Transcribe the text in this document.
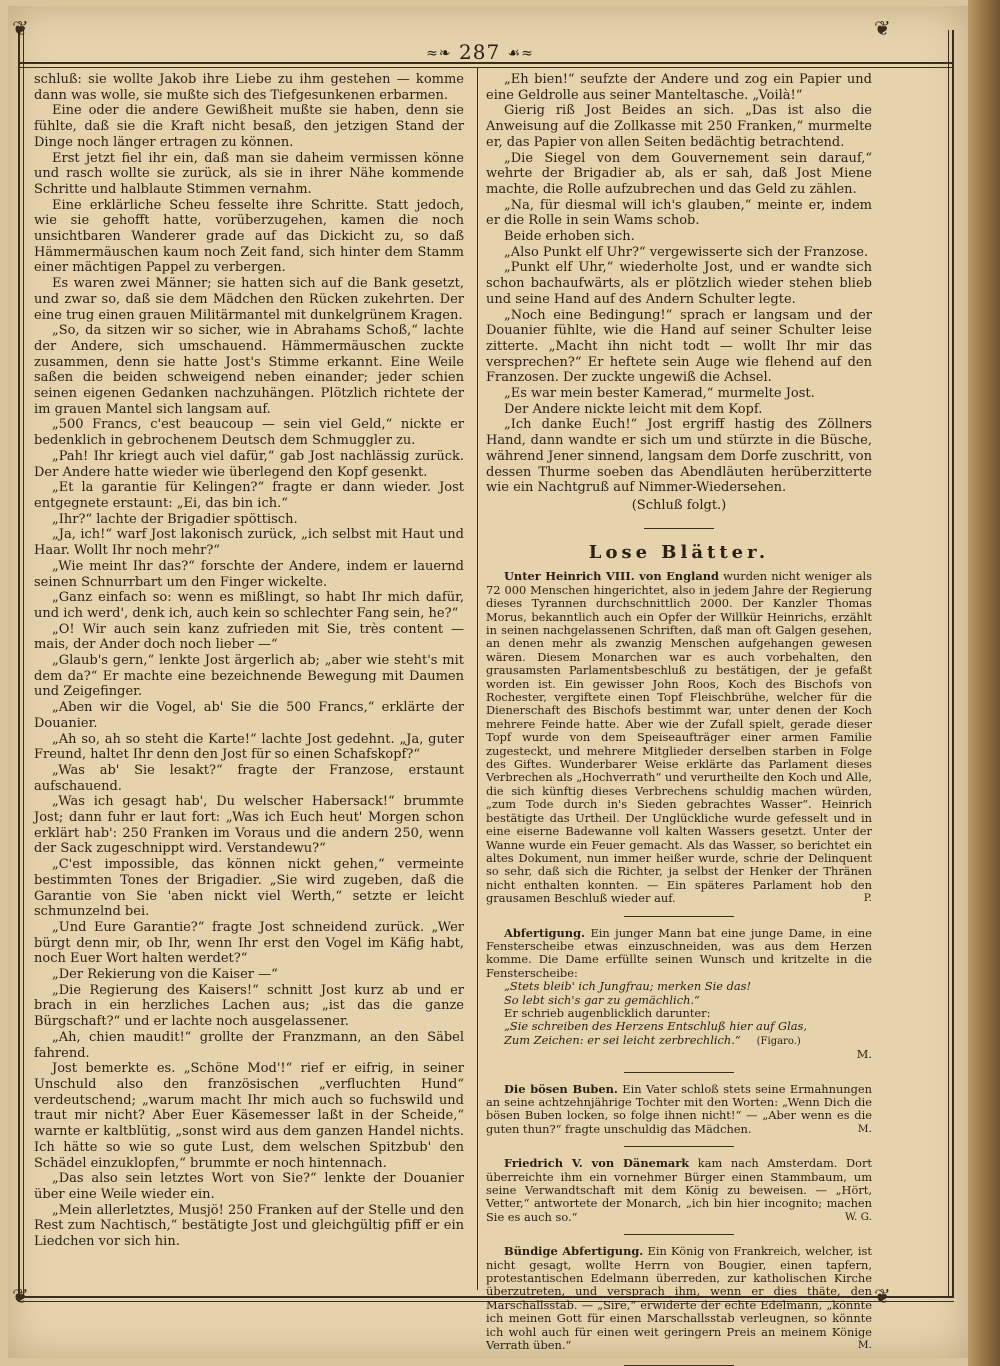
❦	❦
❦	❦
≈❧ 287 ☙≈

schluß: sie wollte Jakob ihre Liebe zu ihm gestehen — komme dann was wolle, sie mußte sich des Tiefgesunkenen erbarmen.

Eine oder die andere Gewißheit mußte sie haben, denn sie fühlte, daß sie die Kraft nicht besaß, den jetzigen Stand der Dinge noch länger ertragen zu können.

Erst jetzt fiel ihr ein, daß man sie daheim vermissen könne und rasch wollte sie zurück, als sie in ihrer Nähe kommende Schritte und halblaute Stimmen vernahm.

Eine erklärliche Scheu fesselte ihre Schritte. Statt jedoch, wie sie gehofft hatte, vorüberzugehen, kamen die noch unsichtbaren Wanderer grade auf das Dickicht zu, so daß Hämmermäuschen kaum noch Zeit fand, sich hinter dem Stamm einer mächtigen Pappel zu verbergen.

Es waren zwei Männer; sie hatten sich auf die Bank gesetzt, und zwar so, daß sie dem Mädchen den Rücken zukehrten. Der eine trug einen grauen Militärmantel mit dunkelgrünem Kragen.

„So, da sitzen wir so sicher, wie in Abrahams Schoß,“ lachte der Andere, sich umschauend. Hämmermäuschen zuckte zusammen, denn sie hatte Jost's Stimme erkannt. Eine Weile saßen die beiden schweigend neben einander; jeder schien seinen eigenen Gedanken nachzuhängen. Plötzlich richtete der im grauen Mantel sich langsam auf.

„500 Francs, c'est beaucoup — sein viel Geld,“ nickte er bedenklich in gebrochenem Deutsch dem Schmuggler zu.

„Pah! Ihr kriegt auch viel dafür,“ gab Jost nachlässig zurück. Der Andere hatte wieder wie überlegend den Kopf gesenkt.

„Et la garantie für Kelingen?“ fragte er dann wieder. Jost entgegnete erstaunt: „Ei, das bin ich.“

„Ihr?“ lachte der Brigadier spöttisch.

„Ja, ich!“ warf Jost lakonisch zurück, „ich selbst mit Haut und Haar. Wollt Ihr noch mehr?“

„Wie meint Ihr das?“ forschte der Andere, indem er lauernd seinen Schnurrbart um den Finger wickelte.

„Ganz einfach so: wenn es mißlingt, so habt Ihr mich dafür, und ich werd', denk ich, auch kein so schlechter Fang sein, he?“

„O! Wir auch sein kanz zufrieden mit Sie, très content — mais, der Ander doch noch lieber —“

„Glaub's gern,“ lenkte Jost ärgerlich ab; „aber wie steht's mit dem da?“ Er machte eine bezeichnende Bewegung mit Daumen und Zeigefinger.

„Aben wir die Vogel, ab' Sie die 500 Francs,“ erklärte der Douanier.

„Ah so, ah so steht die Karte!“ lachte Jost gedehnt. „Ja, guter Freund, haltet Ihr denn den Jost für so einen Schafskopf?“

„Was ab' Sie lesakt?“ fragte der Franzose, erstaunt aufschauend.

„Was ich gesagt hab', Du welscher Habersack!“ brummte Jost; dann fuhr er laut fort: „Was ich Euch heut' Morgen schon erklärt hab': 250 Franken im Voraus und die andern 250, wenn der Sack zugeschnippt wird. Verstandewu?“

„C'est impossible, das können nickt gehen,“ vermeinte bestimmten Tones der Brigadier. „Sie wird zugeben, daß die Garantie von Sie 'aben nickt viel Werth,“ setzte er leicht schmunzelnd bei.

„Und Eure Garantie?“ fragte Jost schneidend zurück. „Wer bürgt denn mir, ob Ihr, wenn Ihr erst den Vogel im Käfig habt, noch Euer Wort halten werdet?“

„Der Rekierung von die Kaiser —“

„Die Regierung des Kaisers!“ schnitt Jost kurz ab und er brach in ein herzliches Lachen aus; „ist das die ganze Bürgschaft?“ und er lachte noch ausgelassener.

„Ah, chien maudit!“ grollte der Franzmann, an den Säbel fahrend.

Jost bemerkte es. „Schöne Mod'!“ rief er eifrig, in seiner Unschuld also den französischen „verfluchten Hund“ verdeutschend; „warum macht Ihr mich auch so fuchswild und traut mir nicht? Aber Euer Käsemesser laßt in der Scheide,“ warnte er kaltblütig, „sonst wird aus dem ganzen Handel nichts. Ich hätte so wie so gute Lust, dem welschen Spitzbub' den Schädel einzuklopfen,“ brummte er noch hintennach.

„Das also sein letztes Wort von Sie?“ lenkte der Douanier über eine Weile wieder ein.

„Mein allerletztes, Musjö! 250 Franken auf der Stelle und den Rest zum Nachtisch,“ bestätigte Jost und gleichgültig pfiff er ein Liedchen vor sich hin.

„Eh bien!“ seufzte der Andere und zog ein Papier und eine Geldrolle aus seiner Manteltasche. „Voilà!“

Gierig riß Jost Beides an sich. „Das ist also die Anweisung auf die Zollkasse mit 250 Franken,“ murmelte er, das Papier von allen Seiten bedächtig betrachtend.

„Die Siegel von dem Gouvernement sein darauf,“ wehrte der Brigadier ab, als er sah, daß Jost Miene machte, die Rolle aufzubrechen und das Geld zu zählen.

„Na, für diesmal will ich's glauben,“ meinte er, indem er die Rolle in sein Wams schob.

Beide erhoben sich.

„Also Punkt elf Uhr?“ vergewisserte sich der Franzose.

„Punkt elf Uhr,“ wiederholte Jost, und er wandte sich schon bachaufwärts, als er plötzlich wieder stehen blieb und seine Hand auf des Andern Schulter legte.

„Noch eine Bedingung!“ sprach er langsam und der Douanier fühlte, wie die Hand auf seiner Schulter leise zitterte. „Macht ihn nicht todt — wollt Ihr mir das versprechen?“ Er heftete sein Auge wie flehend auf den Franzosen. Der zuckte ungewiß die Achsel.

„Es war mein bester Kamerad,“ murmelte Jost.

Der Andere nickte leicht mit dem Kopf.

„Ich danke Euch!“ Jost ergriff hastig des Zöllners Hand, dann wandte er sich um und stürzte in die Büsche, während Jener sinnend, langsam dem Dorfe zuschritt, von dessen Thurme soeben das Abendläuten herüberzitterte wie ein Nachtgruß auf Nimmer-Wiedersehen.

(Schluß folgt.)

Lose Blätter.

Unter Heinrich VIII. von England wurden nicht weniger als 72 000 Menschen hingerichtet, also in jedem Jahre der Regierung dieses Tyrannen durchschnittlich 2000. Der Kanzler Thomas Morus, bekanntlich auch ein Opfer der Willkür Heinrichs, erzählt in seinen nachgelassenen Schriften, daß man oft Galgen gesehen, an denen mehr als zwanzig Menschen aufgehangen gewesen wären. Diesem Monarchen war es auch vorbehalten, den grausamsten Parlamentsbeschluß zu bestätigen, der je gefaßt worden ist. Ein gewisser John Roos, Koch des Bischofs von Rochester, vergiftete einen Topf Fleischbrühe, welcher für die Dienerschaft des Bischofs bestimmt war, unter denen der Koch mehrere Feinde hatte. Aber wie der Zufall spielt, gerade dieser Topf wurde von dem Speiseaufträger einer armen Familie zugesteckt, und mehrere Mitglieder derselben starben in Folge des Giftes. Wunderbarer Weise erklärte das Parlament dieses Verbrechen als „Hochverrath“ und verurtheilte den Koch und Alle, die sich künftig dieses Verbrechens schuldig machen würden, „zum Tode durch in's Sieden gebrachtes Wasser“. Heinrich bestätigte das Urtheil. Der Unglückliche wurde gefesselt und in eine eiserne Badewanne voll kalten Wassers gesetzt. Unter der Wanne wurde ein Feuer gemacht. Als das Wasser, so berichtet ein altes Dokument, nun immer heißer wurde, schrie der Delinquent so sehr, daß sich die Richter, ja selbst der Henker der Thränen nicht enthalten konnten. — Ein späteres Parlament hob den grausamen Beschluß wieder auf.	P.

Abfertigung. Ein junger Mann bat eine junge Dame, in eine Fensterscheibe etwas einzuschneiden, was aus dem Herzen komme. Die Dame erfüllte seinen Wunsch und kritzelte in die Fensterscheibe:

„Stets bleib' ich Jungfrau; merken Sie das!

So lebt sich's gar zu gemächlich.“

Er schrieb augenblicklich darunter:

„Sie schreiben des Herzens Entschluß hier auf Glas,

Zum Zeichen: er sei leicht zerbrechlich.“ (Figaro.)

M.

Die bösen Buben. Ein Vater schloß stets seine Ermahnungen an seine achtzehnjährige Tochter mit den Worten: „Wenn Dich die bösen Buben locken, so folge ihnen nicht!“ — „Aber wenn es die guten thun?“ fragte unschuldig das Mädchen.	M.

Friedrich V. von Dänemark kam nach Amsterdam. Dort überreichte ihm ein vornehmer Bürger einen Stammbaum, um seine Verwandtschaft mit dem König zu beweisen. — „Hört, Vetter,“ antwortete der Monarch, „ich bin hier incognito; machen Sie es auch so.“	W. G.

Bündige Abfertigung. Ein König von Frankreich, welcher, ist nicht gesagt, wollte Herrn von Bougier, einen tapfern, protestantischen Edelmann überreden, zur katholischen Kirche überzutreten, und versprach ihm, wenn er dies thäte, den Marschallsstab. — „Sire,“ erwiderte der echte Edelmann, „könnte ich meinen Gott für einen Marschallsstab verleugnen, so könnte ich wohl auch für einen weit geringern Preis an meinem Könige Verrath üben.“	M.
